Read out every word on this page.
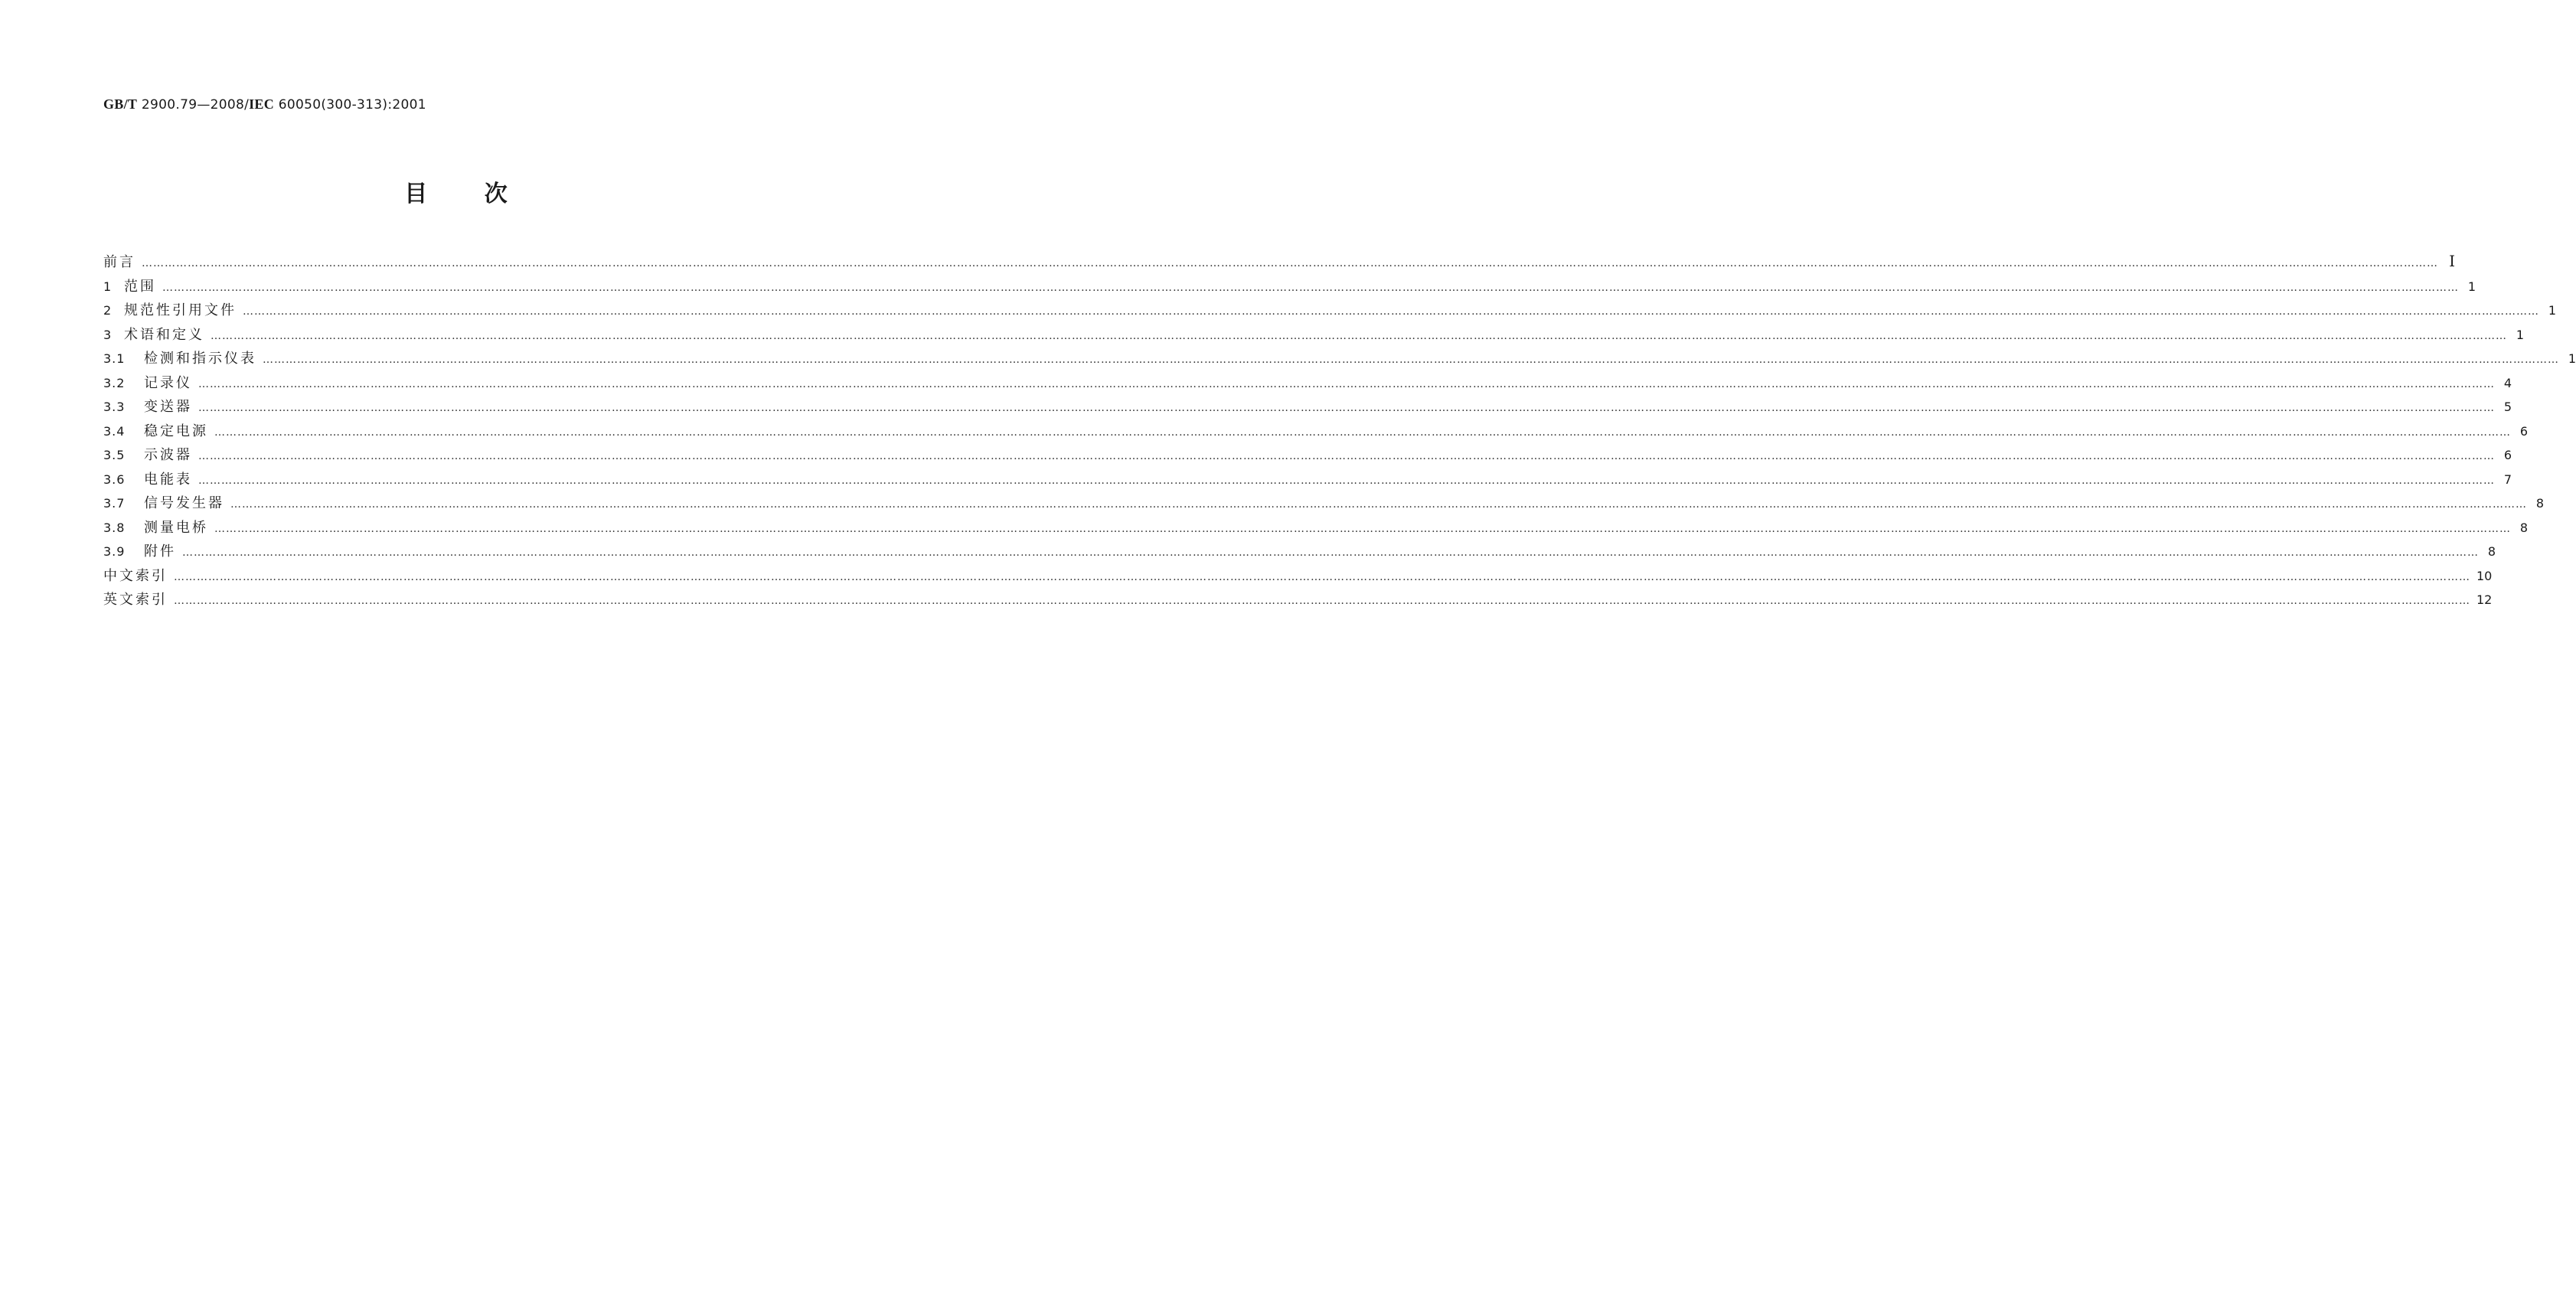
GB/T 2900.79—2008/IEC 60050(300-313):2001
目 次
前言 …………………………………………………………………………………………………………………………………………………………………………………………………………………………………………………………………………………………………………………………………………………………………………………………………………………………………………………………………………………………………………………………………………………… Ⅰ
1 范围 …………………………………………………………………………………………………………………………………………………………………………………………………………………………………………………………………………………………………………………………………………………………………………………………………………………………………………………………………………………………………………………………………………………… 1
2 规范性引用文件 …………………………………………………………………………………………………………………………………………………………………………………………………………………………………………………………………………………………………………………………………………………………………………………………………………………………………………………………………………………………………………………………………………………… 1
3 术语和定义 …………………………………………………………………………………………………………………………………………………………………………………………………………………………………………………………………………………………………………………………………………………………………………………………………………………………………………………………………………………………………………………………………………………… 1
3.1	检测和指示仪表 …………………………………………………………………………………………………………………………………………………………………………………………………………………………………………………………………………………………………………………………………………………………………………………………………………………………………………………………………………………………………………………………………………………… 1
3.2	记录仪 …………………………………………………………………………………………………………………………………………………………………………………………………………………………………………………………………………………………………………………………………………………………………………………………………………………………………………………………………………………………………………………………………………………… 4
3.3	变送器 …………………………………………………………………………………………………………………………………………………………………………………………………………………………………………………………………………………………………………………………………………………………………………………………………………………………………………………………………………………………………………………………………………………… 5
3.4	稳定电源 …………………………………………………………………………………………………………………………………………………………………………………………………………………………………………………………………………………………………………………………………………………………………………………………………………………………………………………………………………………………………………………………………………………… 6
3.5	示波器 …………………………………………………………………………………………………………………………………………………………………………………………………………………………………………………………………………………………………………………………………………………………………………………………………………………………………………………………………………………………………………………………………………………… 6
3.6	电能表 …………………………………………………………………………………………………………………………………………………………………………………………………………………………………………………………………………………………………………………………………………………………………………………………………………………………………………………………………………………………………………………………………………………… 7
3.7	信号发生器 …………………………………………………………………………………………………………………………………………………………………………………………………………………………………………………………………………………………………………………………………………………………………………………………………………………………………………………………………………………………………………………………………………………… 8
3.8	测量电桥 …………………………………………………………………………………………………………………………………………………………………………………………………………………………………………………………………………………………………………………………………………………………………………………………………………………………………………………………………………………………………………………………………………………… 8
3.9	附件 …………………………………………………………………………………………………………………………………………………………………………………………………………………………………………………………………………………………………………………………………………………………………………………………………………………………………………………………………………………………………………………………………………………… 8
中文索引 …………………………………………………………………………………………………………………………………………………………………………………………………………………………………………………………………………………………………………………………………………………………………………………………………………………………………………………………………………………………………………………………………………………… 10
英文索引 …………………………………………………………………………………………………………………………………………………………………………………………………………………………………………………………………………………………………………………………………………………………………………………………………………………………………………………………………………………………………………………………………………………… 12
